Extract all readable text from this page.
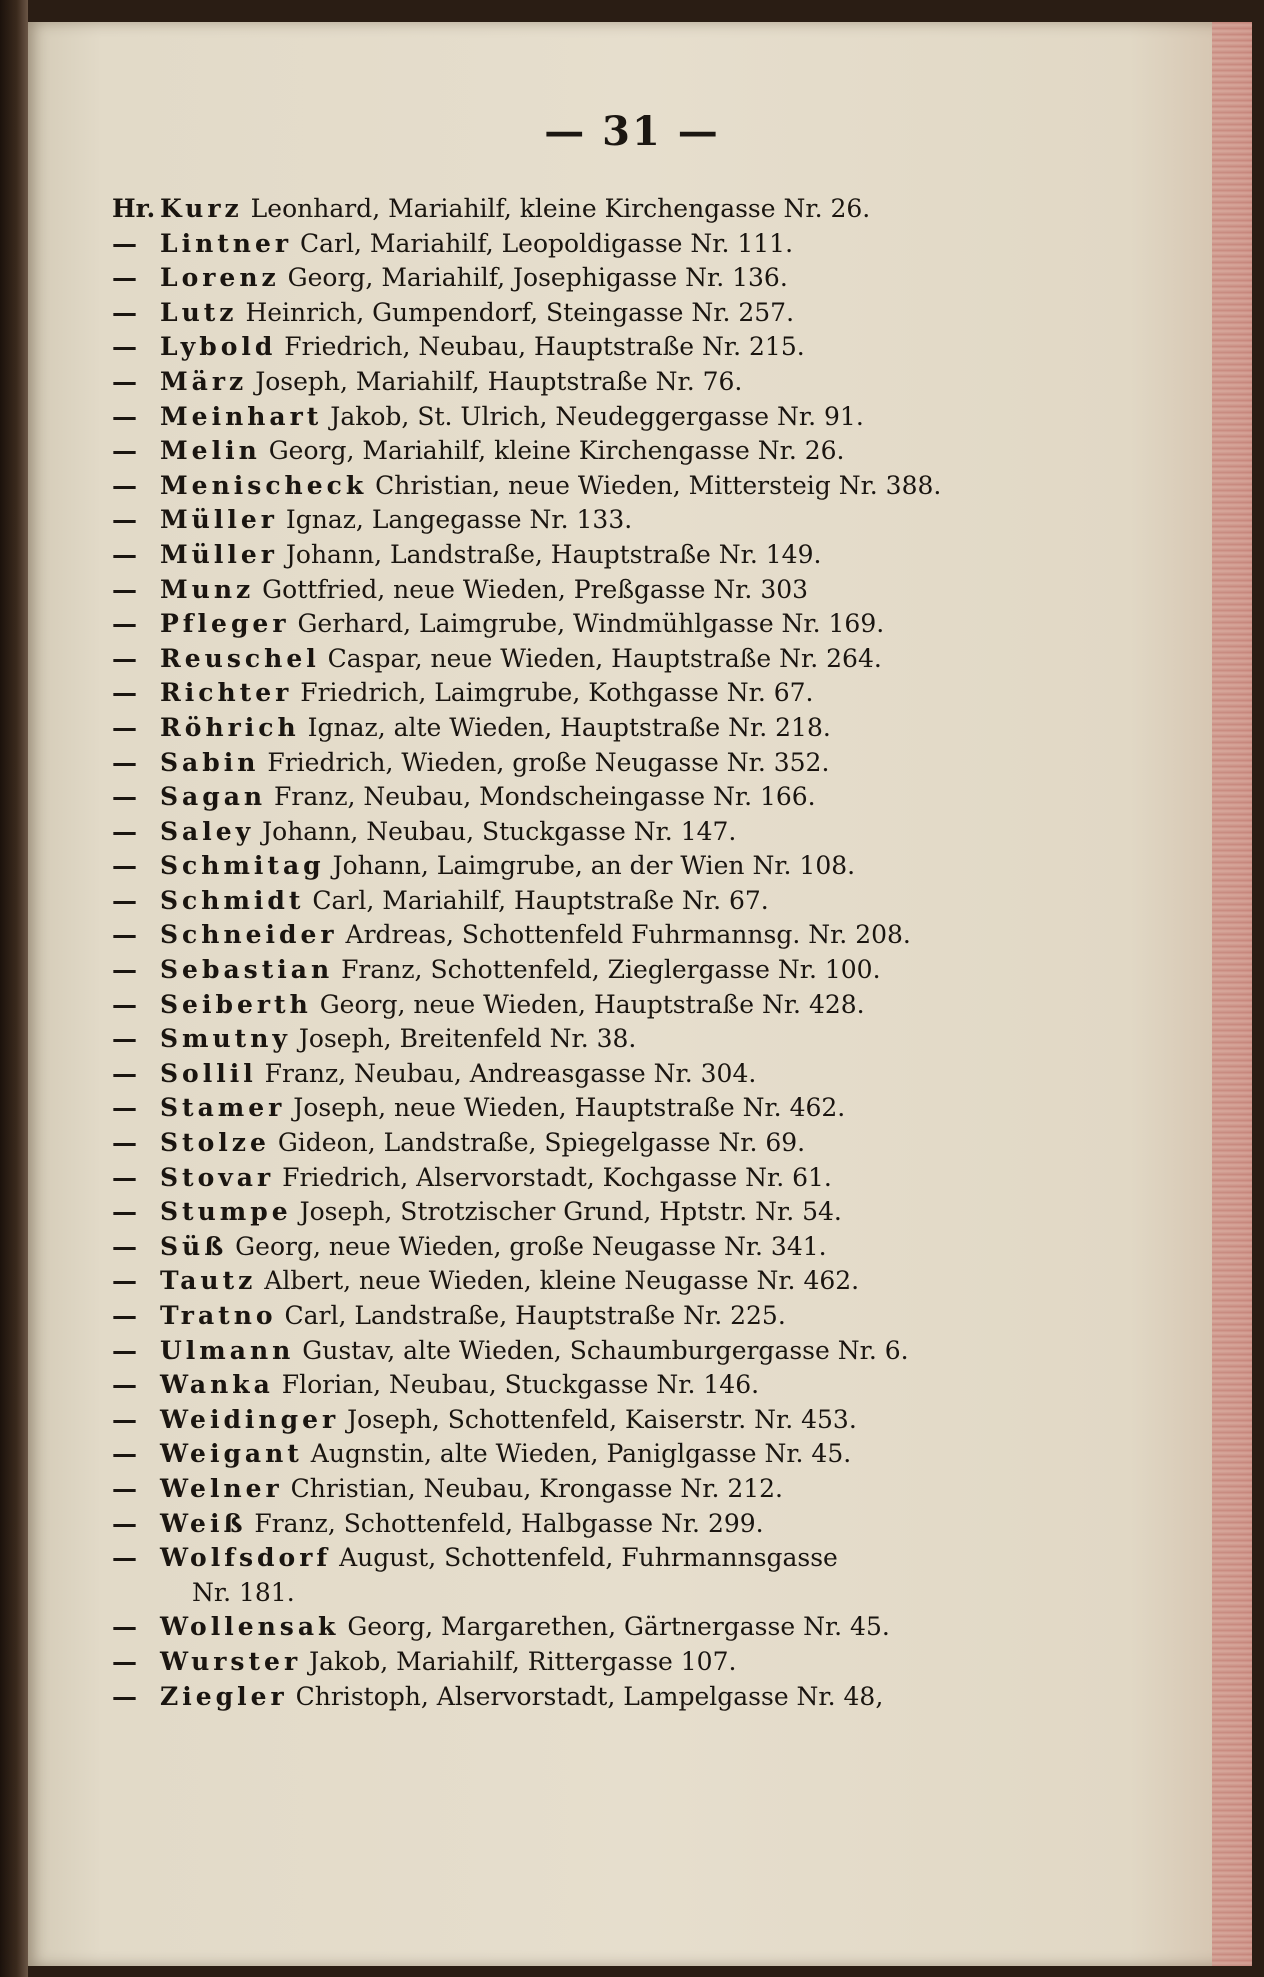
— 31 —
Hr. Kurz Leonhard, Mariahilf, kleine Kirchengasse Nr. 26.
— Lintner Carl, Mariahilf, Leopoldigasse Nr. 111.
— Lorenz Georg, Mariahilf, Josephigasse Nr. 136.
— Lutz Heinrich, Gumpendorf, Steingasse Nr. 257.
— Lybold Friedrich, Neubau, Hauptstraße Nr. 215.
— März Joseph, Mariahilf, Hauptstraße Nr. 76.
— Meinhart Jakob, St. Ulrich, Neudeggergasse Nr. 91.
— Melin Georg, Mariahilf, kleine Kirchengasse Nr. 26.
— Menischeck Christian, neue Wieden, Mittersteig Nr. 388.
— Müller Ignaz, Langegasse Nr. 133.
— Müller Johann, Landstraße, Hauptstraße Nr. 149.
— Munz Gottfried, neue Wieden, Preßgasse Nr. 303
— Pfleger Gerhard, Laimgrube, Windmühlgasse Nr. 169.
— Reuschel Caspar, neue Wieden, Hauptstraße Nr. 264.
— Richter Friedrich, Laimgrube, Kothgasse Nr. 67.
— Röhrich Ignaz, alte Wieden, Hauptstraße Nr. 218.
— Sabin Friedrich, Wieden, große Neugasse Nr. 352.
— Sagan Franz, Neubau, Mondscheingasse Nr. 166.
— Saley Johann, Neubau, Stuckgasse Nr. 147.
— Schmitag Johann, Laimgrube, an der Wien Nr. 108.
— Schmidt Carl, Mariahilf, Hauptstraße Nr. 67.
— Schneider Ardreas, Schottenfeld Fuhrmannsg. Nr. 208.
— Sebastian Franz, Schottenfeld, Zieglergasse Nr. 100.
— Seiberth Georg, neue Wieden, Hauptstraße Nr. 428.
— Smutny Joseph, Breitenfeld Nr. 38.
— Sollil Franz, Neubau, Andreasgasse Nr. 304.
— Stamer Joseph, neue Wieden, Hauptstraße Nr. 462.
— Stolze Gideon, Landstraße, Spiegelgasse Nr. 69.
— Stovar Friedrich, Alservorstadt, Kochgasse Nr. 61.
— Stumpe Joseph, Strotzischer Grund, Hptstr. Nr. 54.
— Süß Georg, neue Wieden, große Neugasse Nr. 341.
— Tautz Albert, neue Wieden, kleine Neugasse Nr. 462.
— Tratno Carl, Landstraße, Hauptstraße Nr. 225.
— Ulmann Gustav, alte Wieden, Schaumburgergasse Nr. 6.
— Wanka Florian, Neubau, Stuckgasse Nr. 146.
— Weidinger Joseph, Schottenfeld, Kaiserstr. Nr. 453.
— Weigant Augnstin, alte Wieden, Paniglgasse Nr. 45.
— Welner Christian, Neubau, Krongasse Nr. 212.
— Weiß Franz, Schottenfeld, Halbgasse Nr. 299.
— Wolfsdorf August, Schottenfeld, Fuhrmannsgasse
Nr. 181.
— Wollensak Georg, Margarethen, Gärtnergasse Nr. 45.
— Wurster Jakob, Mariahilf, Rittergasse 107.
— Ziegler Christoph, Alservorstadt, Lampelgasse Nr. 48,
